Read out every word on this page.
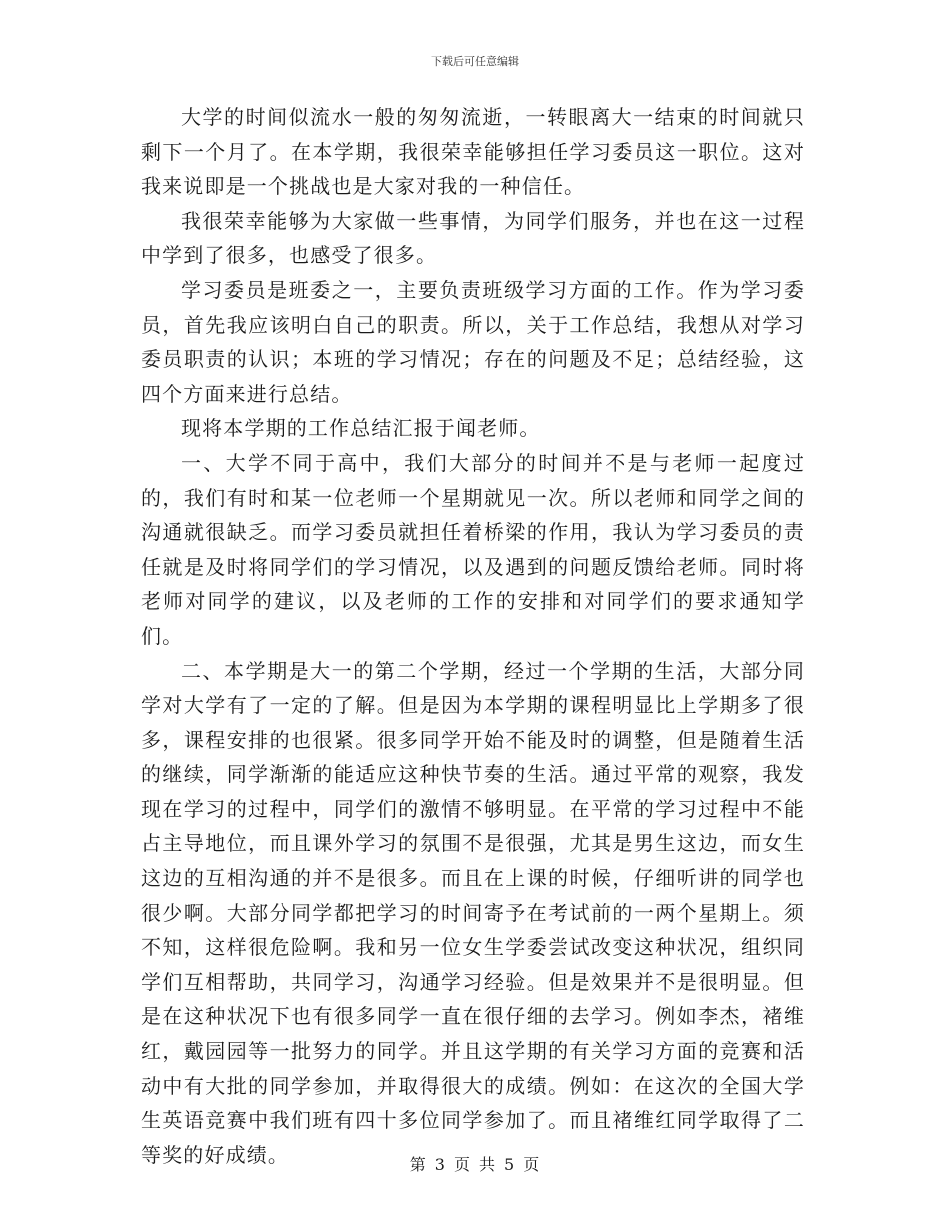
下载后可任意编辑

大学的时间似流水一般的匆匆流逝，一转眼离大一结束的时间就只剩下一个月了。在本学期，我很荣幸能够担任学习委员这一职位。这对我来说即是一个挑战也是大家对我的一种信任。

我很荣幸能够为大家做一些事情，为同学们服务，并也在这一过程中学到了很多，也感受了很多。

学习委员是班委之一，主要负责班级学习方面的工作。作为学习委员，首先我应该明白自己的职责。所以，关于工作总结，我想从对学习委员职责的认识；本班的学习情况；存在的问题及不足；总结经验，这四个方面来进行总结。

现将本学期的工作总结汇报于闻老师。

一、大学不同于高中，我们大部分的时间并不是与老师一起度过的，我们有时和某一位老师一个星期就见一次。所以老师和同学之间的沟通就很缺乏。而学习委员就担任着桥梁的作用，我认为学习委员的责任就是及时将同学们的学习情况，以及遇到的问题反馈给老师。同时将老师对同学的建议，以及老师的工作的安排和对同学们的要求通知学们。

二、本学期是大一的第二个学期，经过一个学期的生活，大部分同学对大学有了一定的了解。但是因为本学期的课程明显比上学期多了很多，课程安排的也很紧。很多同学开始不能及时的调整，但是随着生活的继续，同学渐渐的能适应这种快节奏的生活。通过平常的观察，我发现在学习的过程中，同学们的激情不够明显。在平常的学习过程中不能占主导地位，而且课外学习的氛围不是很强，尤其是男生这边，而女生这边的互相沟通的并不是很多。而且在上课的时候，仔细听讲的同学也很少啊。大部分同学都把学习的时间寄予在考试前的一两个星期上。须不知，这样很危险啊。我和另一位女生学委尝试改变这种状况，组织同学们互相帮助，共同学习，沟通学习经验。但是效果并不是很明显。但是在这种状况下也有很多同学一直在很仔细的去学习。例如李杰，褚维红，戴园园等一批努力的同学。并且这学期的有关学习方面的竞赛和活动中有大批的同学参加，并取得很大的成绩。例如：在这次的全国大学生英语竞赛中我们班有四十多位同学参加了。而且褚维红同学取得了二等奖的好成绩。	第 3 页 共 5 页
